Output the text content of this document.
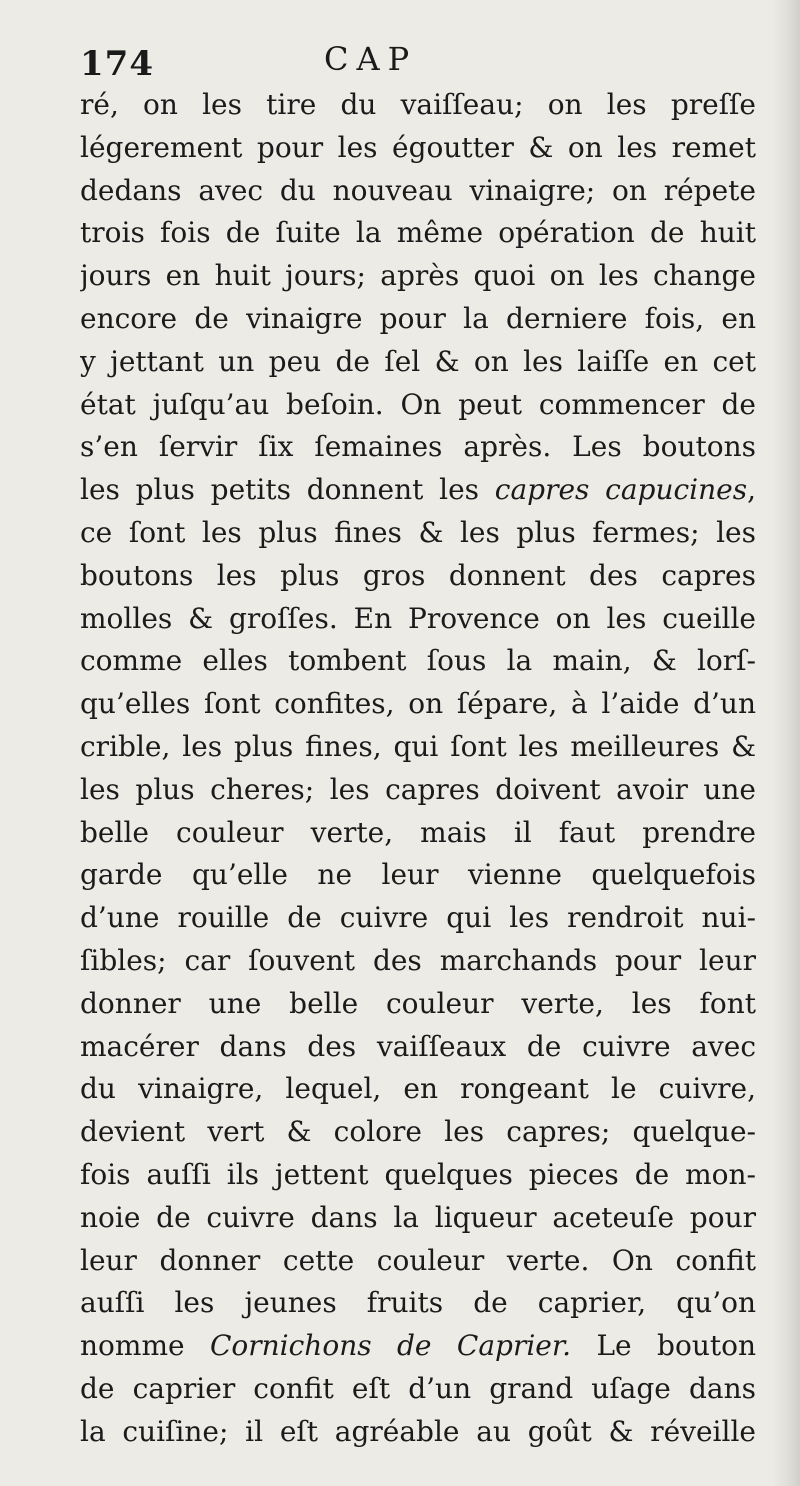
174	CAP
ré, on les tire du vaiſſeau; on les preſſe
légerement pour les égoutter & on les remet
dedans avec du nouveau vinaigre; on répete
trois fois de ſuite la même opération de huit
jours en huit jours; après quoi on les change
encore de vinaigre pour la derniere fois, en
y jettant un peu de ſel & on les laiſſe en cet
état juſqu’au beſoin. On peut commencer de
s’en ſervir ſix ſemaines après. Les boutons
les plus petits donnent les capres capucines,
ce ſont les plus fines & les plus fermes; les
boutons les plus gros donnent des capres
molles & groſſes. En Provence on les cueille
comme elles tombent ſous la main, & lorſ-
qu’elles ſont confites, on ſépare, à l’aide d’un
crible, les plus fines, qui ſont les meilleures &
les plus cheres; les capres doivent avoir une
belle couleur verte, mais il faut prendre
garde qu’elle ne leur vienne quelquefois
d’une rouille de cuivre qui les rendroit nui-
ſibles; car ſouvent des marchands pour leur
donner une belle couleur verte, les font
macérer dans des vaiſſeaux de cuivre avec
du vinaigre, lequel, en rongeant le cuivre,
devient vert & colore les capres; quelque-
fois auſſi ils jettent quelques pieces de mon-
noie de cuivre dans la liqueur aceteuſe pour
leur donner cette couleur verte. On confit
auſſi les jeunes fruits de caprier, qu’on
nomme Cornichons de Caprier. Le bouton
de caprier confit eſt d’un grand uſage dans
la cuiſine; il eſt agréable au goût & réveille
